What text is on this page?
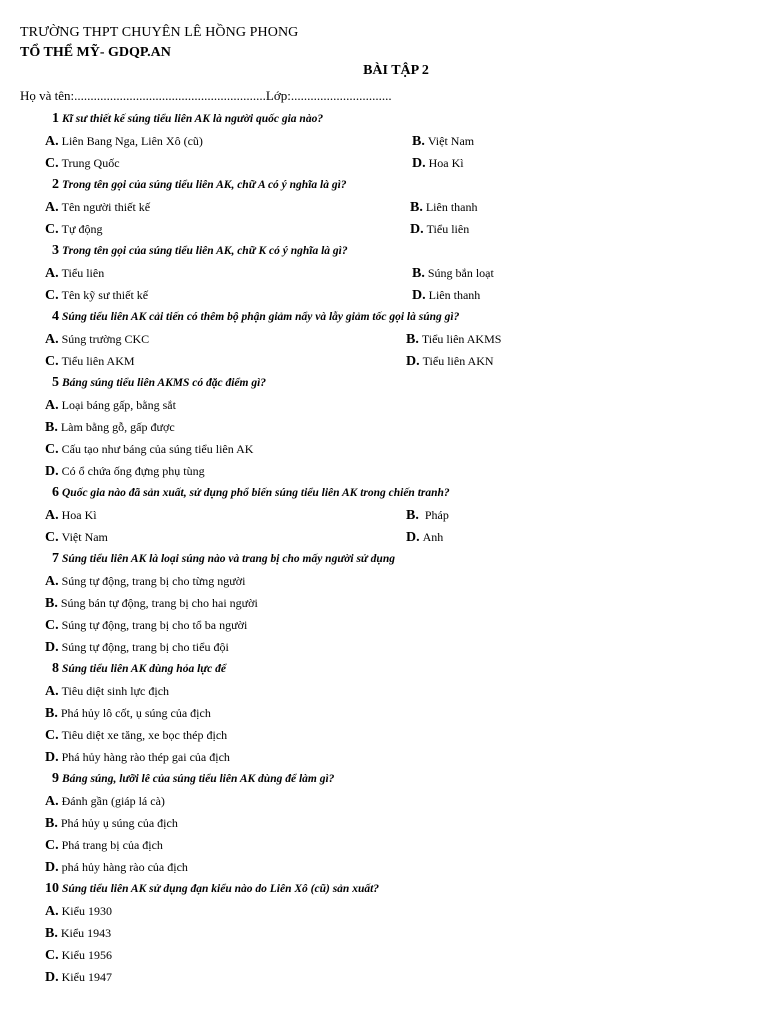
TRƯỜNG THPT CHUYÊN LÊ HỒNG PHONG
TỔ THỂ MỸ- GDQP.AN
BÀI TẬP 2
Họ và tên:...........................................................Lớp:...............................
1 Kĩ sư thiết kế súng tiểu liên AK là người quốc gia nào?
A. Liên Bang Nga, Liên Xô (cũ)	B. Việt Nam
C. Trung Quốc	D. Hoa Kì
2 Trong tên gọi của súng tiểu liên AK, chữ A có ý nghĩa là gì?
A. Tên người thiết kế	B. Liên thanh
C. Tự động	D. Tiểu liên
3 Trong tên gọi của súng tiểu liên AK, chữ K có ý nghĩa là gì?
A. Tiểu liên	B. Súng bắn loạt
C. Tên kỹ sư thiết kế	D. Liên thanh
4 Súng tiểu liên AK cải tiến có thêm bộ phận giảm nẩy và lẫy giảm tốc gọi là súng gì?
A. Súng trường CKC	B. Tiểu liên AKMS
C. Tiểu liên AKM	D. Tiểu liên AKN
5 Báng súng tiểu liên AKMS có đặc điểm gì?
A. Loại báng gấp, bằng sắt
B. Làm bằng gỗ, gấp được
C. Cấu tạo như báng của súng tiểu liên AK
D. Có ổ chứa ống đựng phụ tùng
6 Quốc gia nào đã sản xuất, sử dụng phổ biến súng tiểu liên AK trong chiến tranh?
A. Hoa Kì	B. Pháp
C. Việt Nam	D. Anh
7 Súng tiểu liên AK là loại súng nào và trang bị cho mấy người sử dụng
A. Súng tự động, trang bị cho từng người
B. Súng bán tự động, trang bị cho hai người
C. Súng tự động, trang bị cho tổ ba người
D. Súng tự động, trang bị cho tiểu đội
8 Súng tiểu liên AK dùng hỏa lực để
A. Tiêu diệt sinh lực địch
B. Phá hủy lô cốt, ụ súng của địch
C. Tiêu diệt xe tăng, xe bọc thép địch
D. Phá hủy hàng rào thép gai của địch
9 Báng súng, lưỡi lê của súng tiểu liên AK dùng để làm gì?
A. Đánh gần (giáp lá cà)
B. Phá hủy ụ súng của địch
C. Phá trang bị của địch
D. phá hủy hàng rào của địch
10 Súng tiểu liên AK sử dụng đạn kiểu nào do Liên Xô (cũ) sản xuất?
A. Kiểu 1930
B. Kiểu 1943
C. Kiểu 1956
D. Kiểu 1947
